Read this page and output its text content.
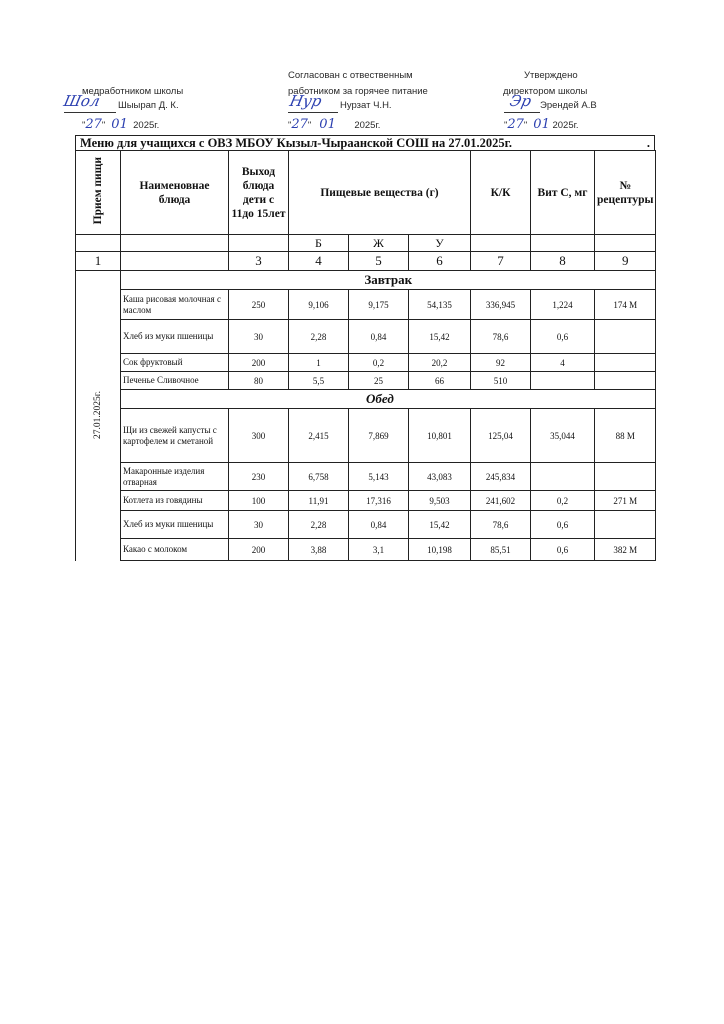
медработником школы
Шол Шыырап Д. К.
"27" 01 2025г.
Согласован с отвественным
работником за горячее питание
Нур Нурзат Ч.Н.
"27" 01 2025г.
Утверждено
директором школы
Эр Эрендей А.В
"27" 01 2025г.
Меню для учащихся с ОВЗ МБОУ Кызыл-Чыраанской СОШ на 27.01.2025г.	.
Прием пищи	Наименовнае блюда	Выход блюда дети с 11до 15лет	Пищевые вещества (г)			К/К	Вит С, мг	№ рецептуры
			Б	Ж	У			
1		3	4	5	6	7	8	9
27.01.2025г.	Завтрак							
	Каша рисовая молочная с маслом	250	9,106	9,175	54,135	336,945	1,224	174 М
	Хлеб из муки пшеницы	30	2,28	0,84	15,42	78,6	0,6	
	Сок фруктовый	200	1	0,2	20,2	92	4	
	Печенье Сливочное	80	5,5	25	66	510		
	Обед							
	Щи из свежей капусты с картофелем и сметаной	300	2,415	7,869	10,801	125,04	35,044	88 М
	Макаронные изделия отварная	230	6,758	5,143	43,083	245,834		
	Котлета из говядины	100	11,91	17,316	9,503	241,602	0,2	271 М
	Хлеб из муки пшеницы	30	2,28	0,84	15,42	78,6	0,6	
	Какао с молоком	200	3,88	3,1	10,198	85,51	0,6	382 М
